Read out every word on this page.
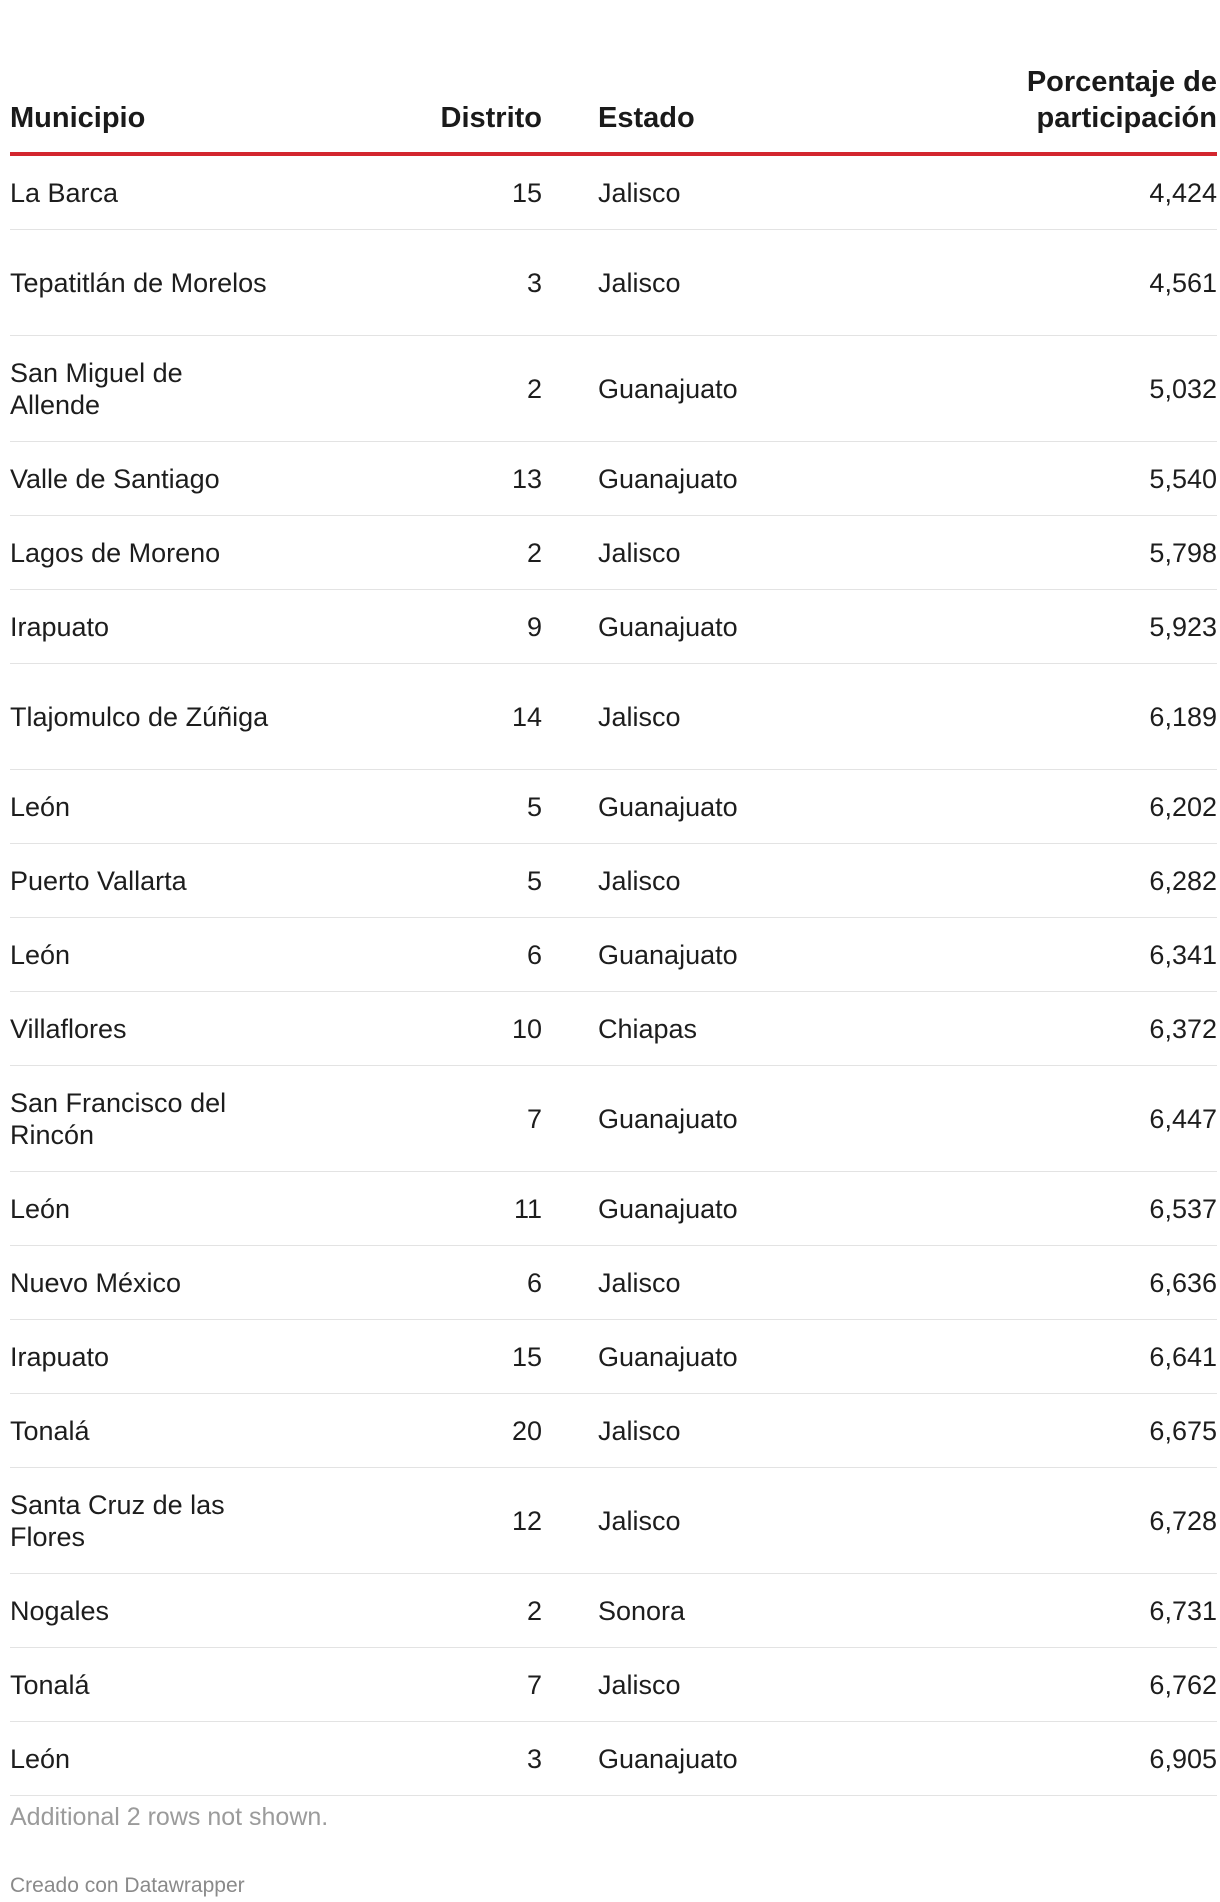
Municipio	Distrito	Estado	Porcentaje de participación
La Barca	15	Jalisco	4,424
Tepatitlán de Morelos	3	Jalisco	4,561
San Miguel de Allende	2	Guanajuato	5,032
Valle de Santiago	13	Guanajuato	5,540
Lagos de Moreno	2	Jalisco	5,798
Irapuato	9	Guanajuato	5,923
Tlajomulco de Zúñiga	14	Jalisco	6,189
León	5	Guanajuato	6,202
Puerto Vallarta	5	Jalisco	6,282
León	6	Guanajuato	6,341
Villaflores	10	Chiapas	6,372
San Francisco del Rincón	7	Guanajuato	6,447
León	11	Guanajuato	6,537
Nuevo México	6	Jalisco	6,636
Irapuato	15	Guanajuato	6,641
Tonalá	20	Jalisco	6,675
Santa Cruz de las Flores	12	Jalisco	6,728
Nogales	2	Sonora	6,731
Tonalá	7	Jalisco	6,762
León	3	Guanajuato	6,905
Additional 2 rows not shown.
Creado con Datawrapper
